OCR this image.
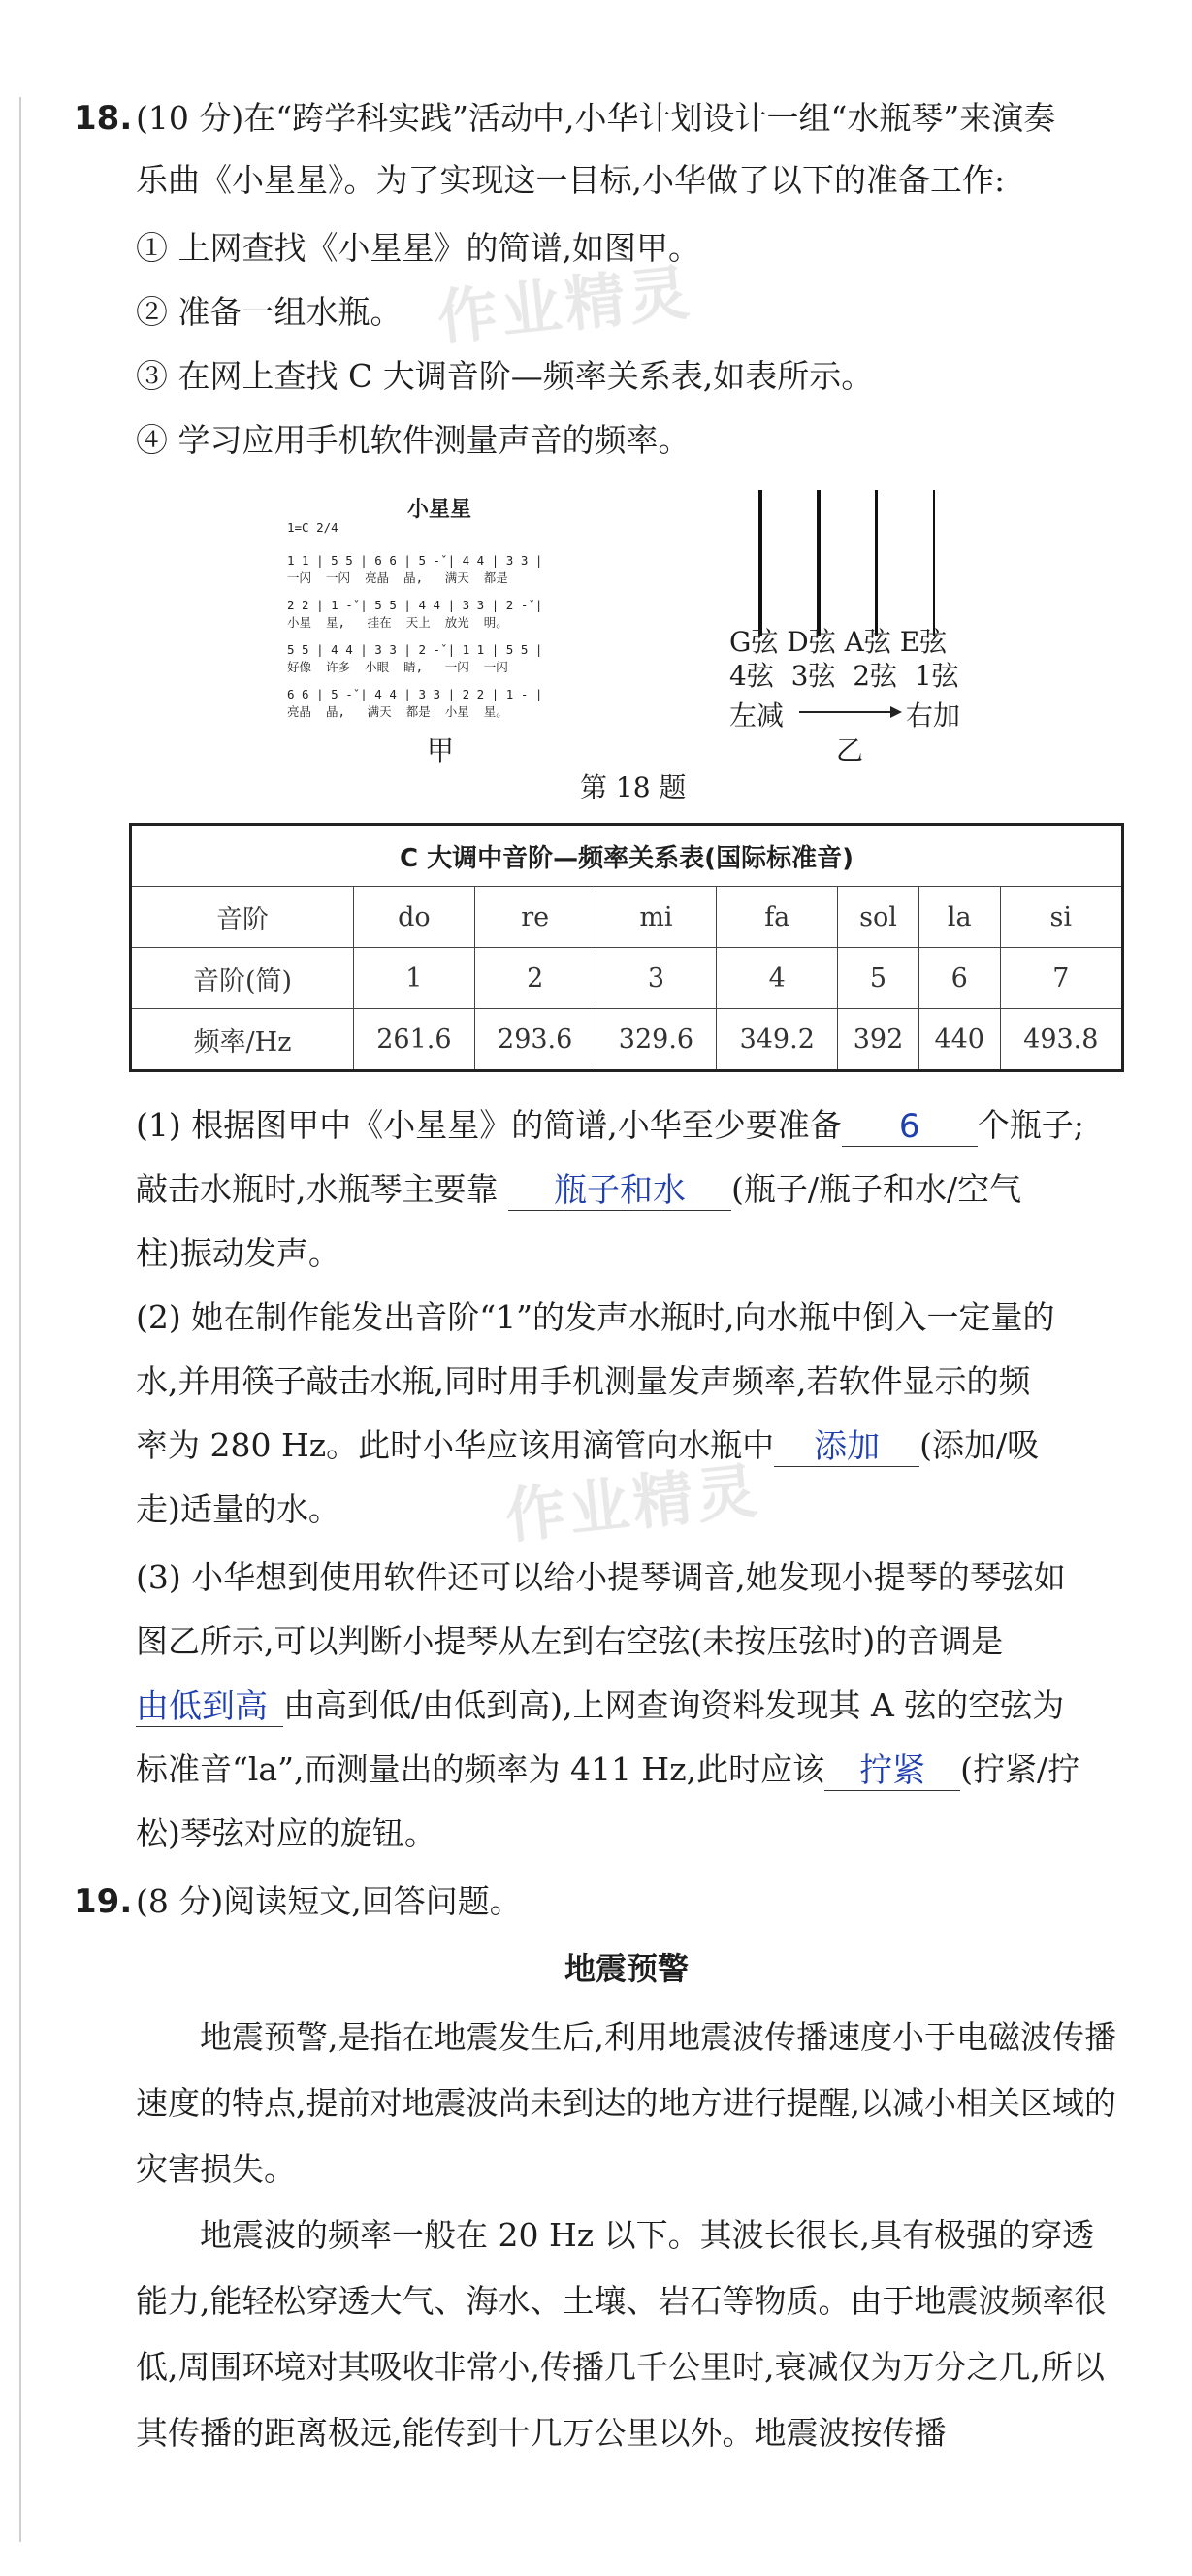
18. (10 分)在“跨学科实践”活动中,小华计划设计一组“水瓶琴”来演奏
乐曲《小星星》。为了实现这一目标,小华做了以下的准备工作:
① 上网查找《小星星》的简谱,如图甲。
② 准备一组水瓶。
③ 在网上查找 C 大调音阶—频率关系表,如表所示。
④ 学习应用手机软件测量声音的频率。
作业精灵
小星星
1=C 2/4
1 1 | 5 5 | 6 6 | 5 -ˇ| 4 4 | 3 3 |
一闪  一闪  亮晶  晶,   满天  都是
2 2 | 1 -ˇ| 5 5 | 4 4 | 3 3 | 2 -ˇ|
小星  星,   挂在  天上  放光  明。
5 5 | 4 4 | 3 3 | 2 -ˇ| 1 1 | 5 5 |
好像  许多  小眼  睛,   一闪  一闪
6 6 | 5 -ˇ| 4 4 | 3 3 | 2 2 | 1 - |
亮晶  晶,   满天  都是  小星  星。
甲
G弦 D弦 A弦 E弦
4弦  3弦  2弦  1弦
左减	右加
乙
第 18 题
C 大调中音阶—频率关系表(国际标准音)							
音阶	do	re	mi	fa	sol	la	si
音阶(简)	1	2	3	4	5	6	7
频率/Hz	261.6	293.6	329.6	349.2	392	440	493.8
(1) 根据图甲中《小星星》的简谱,小华至少要准备 6 个瓶子;
敲击水瓶时,水瓶琴主要靠 瓶子和水 (瓶子/瓶子和水/空气
柱)振动发声。
(2) 她在制作能发出音阶“1”的发声水瓶时,向水瓶中倒入一定量的
水,并用筷子敲击水瓶,同时用手机测量发声频率,若软件显示的频
率为 280 Hz。此时小华应该用滴管向水瓶中 添加 (添加/吸
走)适量的水。	作业精灵
(3) 小华想到使用软件还可以给小提琴调音,她发现小提琴的琴弦如
图乙所示,可以判断小提琴从左到右空弦(未按压弦时)的音调是
由低到高 由高到低/由低到高),上网查询资料发现其 A 弦的空弦为
标准音“la”,而测量出的频率为 411 Hz,此时应该 拧紧 (拧紧/拧
松)琴弦对应的旋钮。
19. (8 分)阅读短文,回答问题。
地震预警
地震预警,是指在地震发生后,利用地震波传播速度小于电磁波传播速度的特点,提前对地震波尚未到达的地方进行提醒,以减小相关区域的灾害损失。
地震波的频率一般在 20 Hz 以下。其波长很长,具有极强的穿透能力,能轻松穿透大气、海水、土壤、岩石等物质。由于地震波频率很低,周围环境对其吸收非常小,传播几千公里时,衰减仅为万分之几,所以其传播的距离极远,能传到十几万公里以外。地震波按传播
